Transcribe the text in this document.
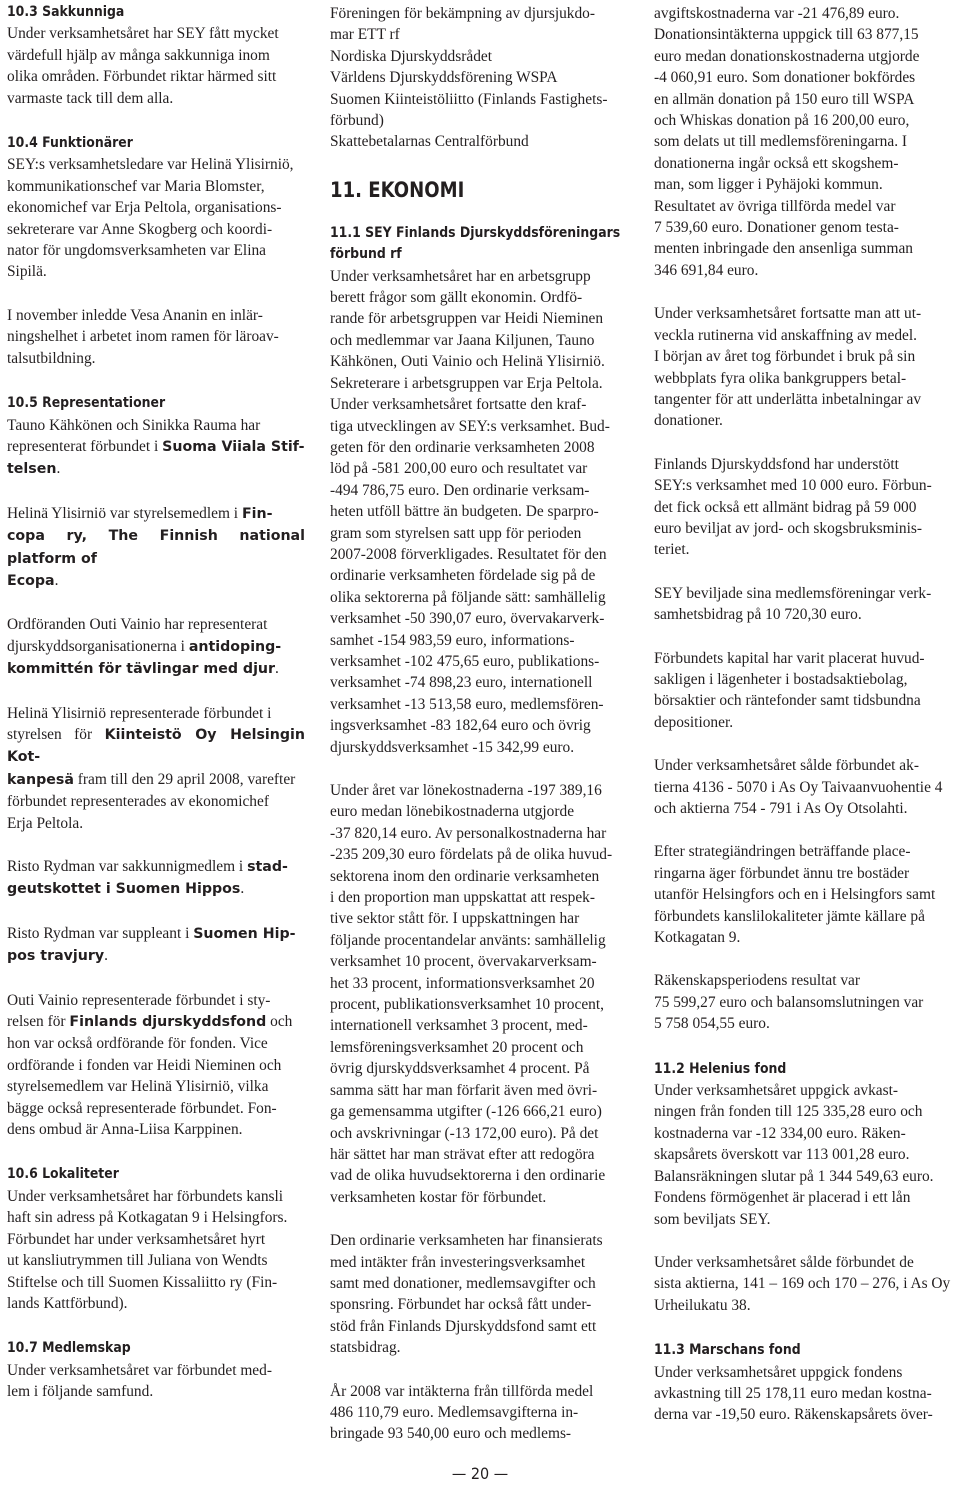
10.3 Sakkunniga

Under verksamhetsåret har SEY fått mycket
värdefull hjälp av många sakkunniga inom
olika områden. Förbundet riktar härmed sitt
varmaste tack till dem alla.

10.4 Funktionärer

SEY:s verksamhetsledare var Helinä Ylisirniö,
kommunikationschef var Maria Blomster,
ekonomichef var Erja Peltola, organisations-
sekreterare var Anne Skogberg och koordi-
nator för ungdomsverksamheten var Elina
Sipilä.

I november inledde Vesa Ananin en inlär-
ningshelhet i arbetet inom ramen för läroav-
talsutbildning.

10.5 Representationer

Tauno Kähkönen och Sinikka Rauma har
representerat förbundet i Suoma Viiala Stif-
telsen.

Helinä Ylisirniö var styrelsemedlem i Fin-
copa ry, The Finnish national platform of
Ecopa.

Ordföranden Outi Vainio har representerat
djurskyddsorganisationerna i antidoping-
kommittén för tävlingar med djur.

Helinä Ylisirniö representerade förbundet i
styrelsen för Kiinteistö Oy Helsingin Kot-
kanpesä fram till den 29 april 2008, varefter
förbundet representerades av ekonomichef
Erja Peltola.

Risto Rydman var sakkunnigmedlem i stad-
geutskottet i Suomen Hippos.

Risto Rydman var suppleant i Suomen Hip-
pos travjury.

Outi Vainio representerade förbundet i sty-
relsen för Finlands djurskyddsfond och
hon var också ordförande för fonden. Vice
ordförande i fonden var Heidi Nieminen och
styrelsemedlem var Helinä Ylisirniö, vilka
bägge också representerade förbundet. Fon-
dens ombud är Anna-Liisa Karppinen.

10.6 Lokaliteter

Under verksamhetsåret har förbundets kansli
haft sin adress på Kotkagatan 9 i Helsingfors.
Förbundet har under verksamhetsåret hyrt
ut kansliutrymmen till Juliana von Wendts
Stiftelse och till Suomen Kissaliitto ry (Fin-
lands Kattförbund).

10.7 Medlemskap

Under verksamhetsåret var förbundet med-
lem i följande samfund.

Föreningen för bekämpning av djursjukdo-
mar ETT rf
Nordiska Djurskyddsrådet
Världens Djurskyddsförening WSPA
Suomen Kiinteistöliitto (Finlands Fastighets-
förbund)
Skattebetalarnas Centralförbund

11. EKONOMI
11.1 SEY Finlands Djurskyddsföreningars
förbund rf

Under verksamhetsåret har en arbetsgrupp
berett frågor som gällt ekonomin. Ordfö-
rande för arbetsgruppen var Heidi Nieminen
och medlemmar var Jaana Kiljunen, Tauno
Kähkönen, Outi Vainio och Helinä Ylisirniö.
Sekreterare i arbetsgruppen var Erja Peltola.
Under verksamhetsåret fortsatte den kraf-
tiga utvecklingen av SEY:s verksamhet. Bud-
geten för den ordinarie verksamheten 2008
löd på -581 200,00 euro och resultatet var
-494 786,75 euro. Den ordinarie verksam-
heten utföll bättre än budgeten. De sparpro-
gram som styrelsen satt upp för perioden
2007-2008 förverkligades. Resultatet för den
ordinarie verksamheten fördelade sig på de
olika sektorerna på följande sätt: samhällelig
verksamhet -50 390,07 euro, övervakarverk-
samhet -154 983,59 euro, informations-
verksamhet -102 475,65 euro, publikations-
verksamhet -74 898,23 euro, internationell
verksamhet -13 513,58 euro, medlemsfören-
ingsverksamhet -83 182,64 euro och övrig
djurskyddsverksamhet -15 342,99 euro.

Under året var lönekostnaderna -197 389,16
euro medan lönebikostnaderna utgjorde
-37 820,14 euro. Av personalkostnaderna har
-235 209,30 euro fördelats på de olika huvud-
sektorena inom den ordinarie verksamheten
i den proportion man uppskattat att respek-
tive sektor stått för. I uppskattningen har
följande procentandelar använts: samhällelig
verksamhet 10 procent, övervakarverksam-
het 33 procent, informationsverksamhet 20
procent, publikationsverksamhet 10 procent,
internationell verksamhet 3 procent, med-
lemsföreningsverksamhet 20 procent och
övrig djurskyddsverksamhet 4 procent. På
samma sätt har man förfarit även med övri-
ga gemensamma utgifter (-126 666,21 euro)
och avskrivningar (-13 172,00 euro). På det
här sättet har man strävat efter att redogöra
vad de olika huvudsektorerna i den ordinarie
verksamheten kostar för förbundet.

Den ordinarie verksamheten har finansierats
med intäkter från investeringsverksamhet
samt med donationer, medlemsavgifter och
sponsring. Förbundet har också fått under-
stöd från Finlands Djurskyddsfond samt ett
statsbidrag.

År 2008 var intäkterna från tillförda medel
486 110,79 euro. Medlemsavgifterna in-
bringade 93 540,00 euro och medlems-

avgiftskostnaderna var -21 476,89 euro.
Donationsintäkterna uppgick till 63 877,15
euro medan donationskostnaderna utgjorde
-4 060,91 euro. Som donationer bokfördes
en allmän donation på 150 euro till WSPA
och Whiskas donation på 16 200,00 euro,
som delats ut till medlemsföreningarna. I
donationerna ingår också ett skogshem-
man, som ligger i Pyhäjoki kommun.
Resultatet av övriga tillförda medel var
7 539,60 euro. Donationer genom testa-
menten inbringade den ansenliga summan
346 691,84 euro.

Under verksamhetsåret fortsatte man att ut-
veckla rutinerna vid anskaffning av medel.
I början av året tog förbundet i bruk på sin
webbplats fyra olika bankgruppers betal-
tangenter för att underlätta inbetalningar av
donationer.

Finlands Djurskyddsfond har understött
SEY:s verksamhet med 10 000 euro. Förbun-
det fick också ett allmänt bidrag på 59 000
euro beviljat av jord- och skogsbruksminis-
teriet.

SEY beviljade sina medlemsföreningar verk-
samhetsbidrag på 10 720,30 euro.

Förbundets kapital har varit placerat huvud-
sakligen i lägenheter i bostadsaktiebolag,
börsaktier och räntefonder samt tidsbundna
depositioner.

Under verksamhetsåret sålde förbundet ak-
tierna 4136 - 5070 i As Oy Taivaanvuohentie 4
och aktierna 754 - 791 i As Oy Otsolahti.

Efter strategiändringen beträffande place-
ringarna äger förbundet ännu tre bostäder
utanför Helsingfors och en i Helsingfors samt
förbundets kanslilokaliteter jämte källare på
Kotkagatan 9.

Räkenskapsperiodens resultat var
75 599,27 euro och balansomslutningen var
5 758 054,55 euro.

11.2 Helenius fond

Under verksamhetsåret uppgick avkast-
ningen från fonden till 125 335,28 euro och
kostnaderna var -12 334,00 euro. Räken-
skapsårets överskott var 113 001,28 euro.
Balansräkningen slutar på 1 344 549,63 euro.
Fondens förmögenhet är placerad i ett lån
som beviljats SEY.

Under verksamhetsåret sålde förbundet de
sista aktierna, 141 – 169 och 170 – 276, i As Oy
Urheilukatu 38.

11.3 Marschans fond

Under verksamhetsåret uppgick fondens
avkastning till 25 178,11 euro medan kostna-
derna var -19,50 euro. Räkenskapsårets över-

— 20 —
